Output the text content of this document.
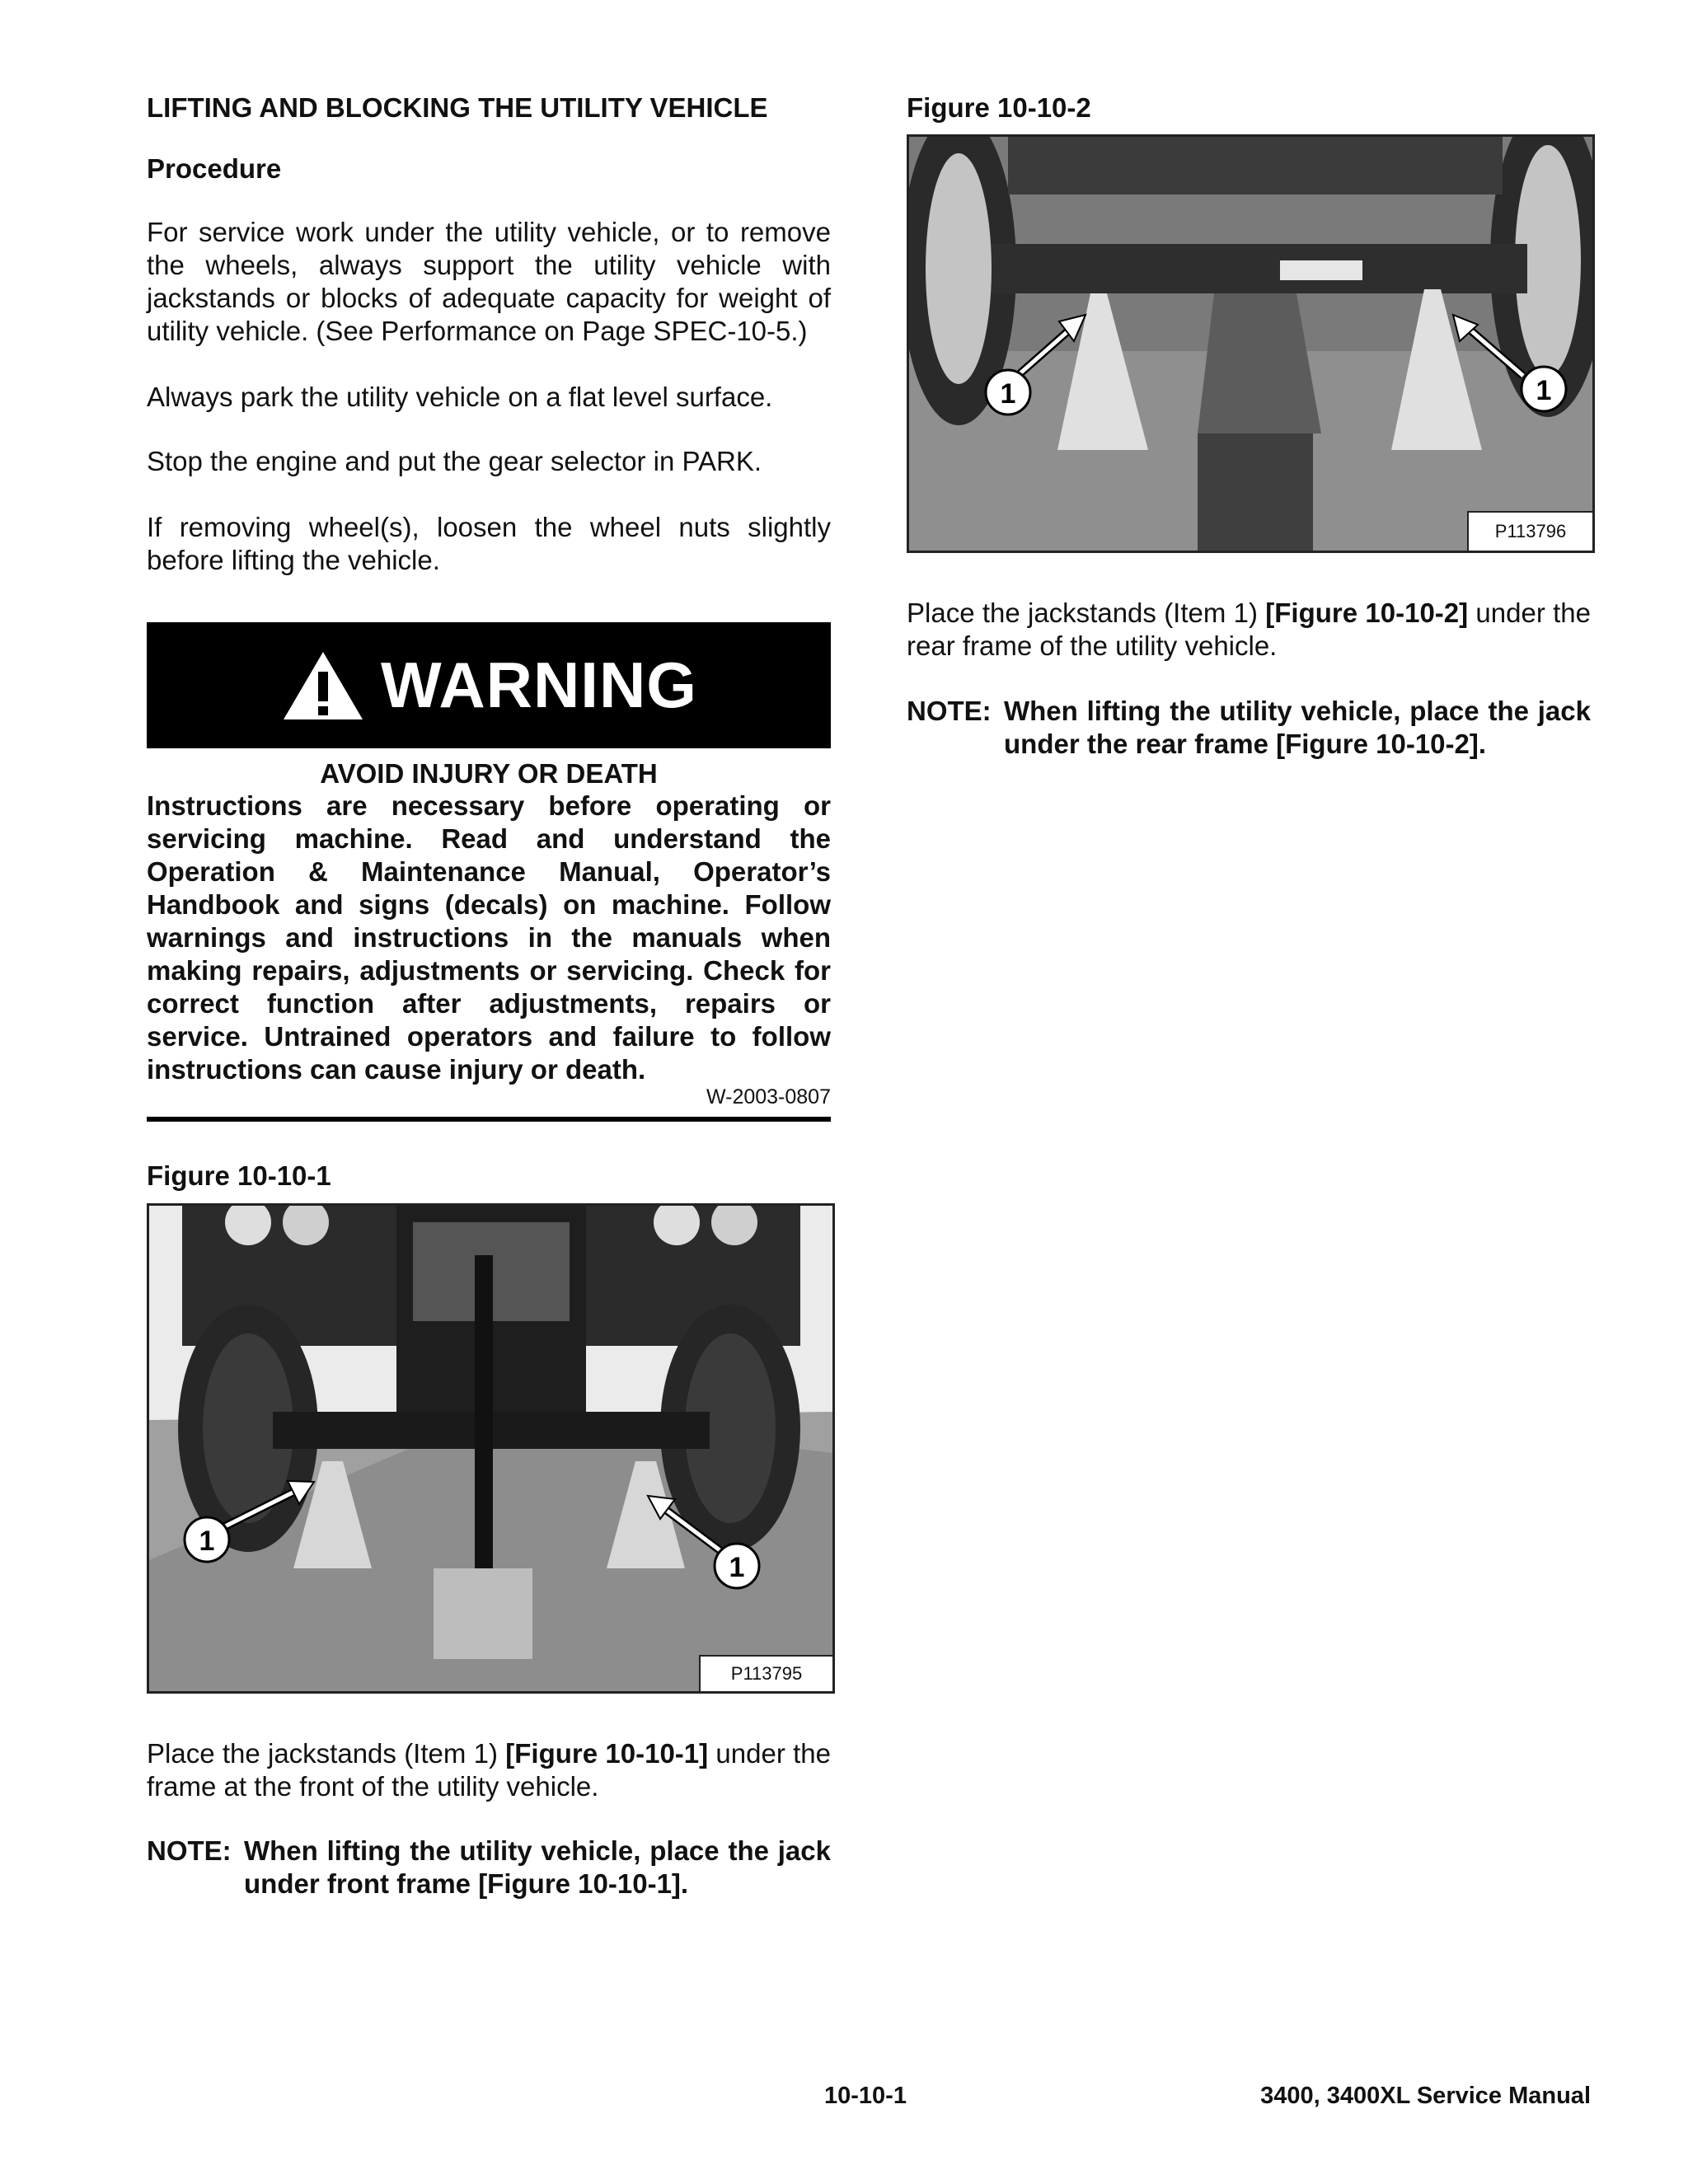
LIFTING AND BLOCKING THE UTILITY VEHICLE
Procedure
For service work under the utility vehicle, or to remove the wheels, always support the utility vehicle with jackstands or blocks of adequate capacity for weight of utility vehicle. (See Performance on Page SPEC-10-5.)
Always park the utility vehicle on a flat level surface.
Stop the engine and put the gear selector in PARK.
If removing wheel(s), loosen the wheel nuts slightly before lifting the vehicle.
WARNING
AVOID INJURY OR DEATH
Instructions are necessary before operating or servicing machine. Read and understand the Operation & Maintenance Manual, Operator’s Handbook and signs (decals) on machine. Follow warnings and instructions in the manuals when making repairs, adjustments or servicing. Check for correct function after adjustments, repairs or service. Untrained operators and failure to follow instructions can cause injury or death.
W-2003-0807
Figure 10-10-1
1
1
P113795
Place the jackstands (Item 1) [Figure 10-10-1] under the frame at the front of the utility vehicle.
NOTE: When lifting the utility vehicle, place the jack under front frame [Figure 10-10-1].
Figure 10-10-2
1	1
P113796
Place the jackstands (Item 1) [Figure 10-10-2] under the rear frame of the utility vehicle.
NOTE: When lifting the utility vehicle, place the jack under the rear frame [Figure 10-10-2].
10-10-1	3400, 3400XL Service Manual
